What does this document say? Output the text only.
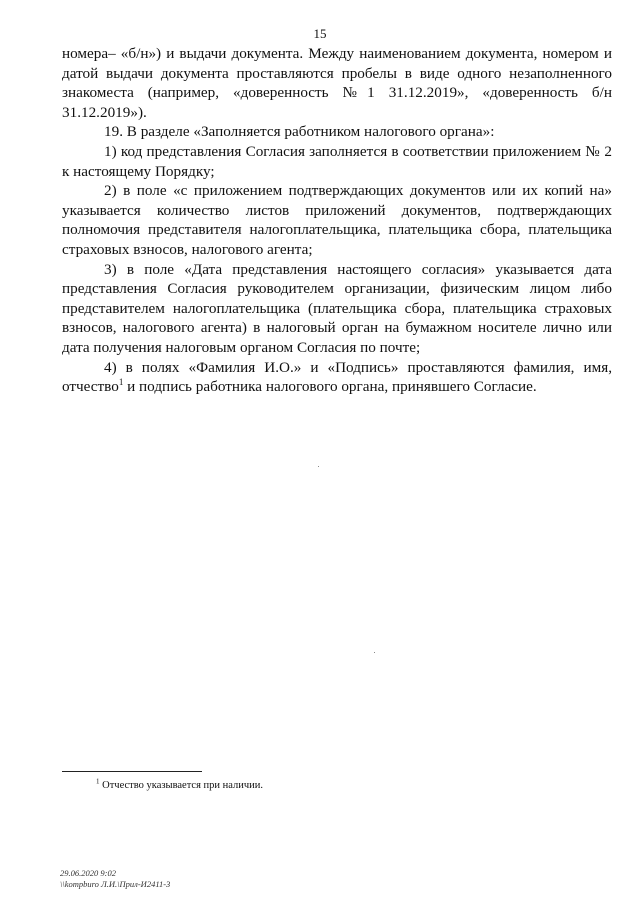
15

номера– «б/н») и выдачи документа. Между наименованием документа, номером и датой выдачи документа проставляются пробелы в виде одного незаполненного знакоместа (например, «доверенность №1 31.12.2019», «доверенность б/н 31.12.2019»).

19. В разделе «Заполняется работником налогового органа»:

1) код представления Согласия заполняется в соответствии приложением № 2 к настоящему Порядку;

2) в поле «с приложением подтверждающих документов или их копий на» указывается количество листов приложений документов, подтверждающих полномочия представителя налогоплательщика, плательщика сбора, плательщика страховых взносов, налогового агента;

3) в поле «Дата представления настоящего согласия» указывается дата представления Согласия руководителем организации, физическим лицом либо представителем налогоплательщика (плательщика сбора, плательщика страховых взносов, налогового агента) в налоговый орган на бумажном носителе лично или дата получения налоговым органом Согласия по почте;

4) в полях «Фамилия И.О.» и «Подпись» проставляются фамилия, имя, отчество$^1$ и подпись работника налогового органа, принявшего Согласие.

$^1$ Отчество указывается при наличии.
29.06.2020 9:02
\\kompburo Л.И.\Прил-И2411-3
